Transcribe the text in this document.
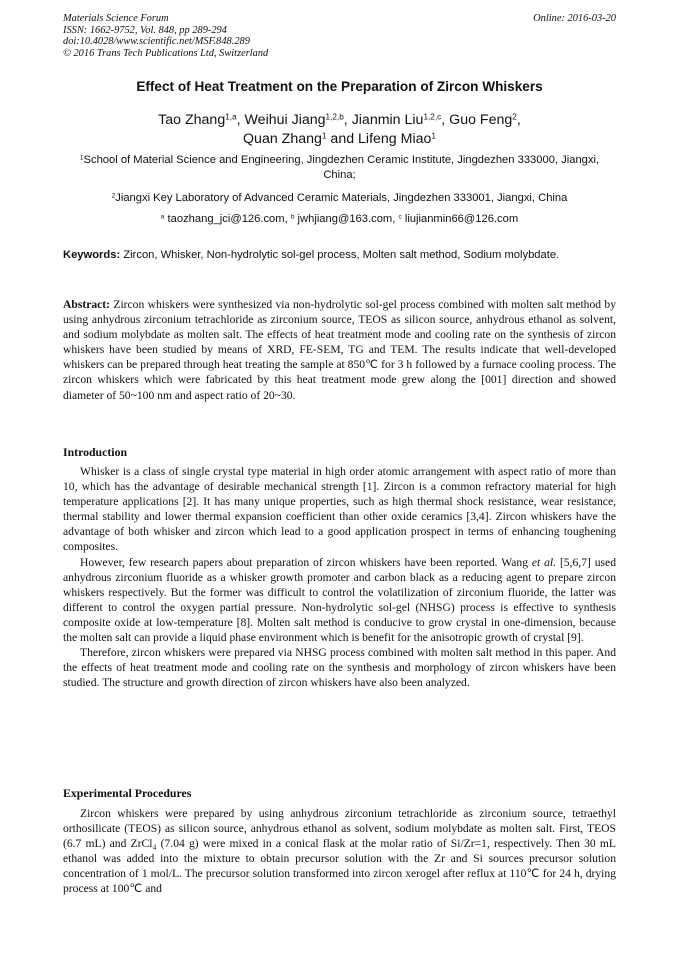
Materials Science Forum
ISSN: 1662-9752, Vol. 848, pp 289-294
doi:10.4028/www.scientific.net/MSF.848.289
© 2016 Trans Tech Publications Ltd, Switzerland
Online: 2016-03-20
Effect of Heat Treatment on the Preparation of Zircon Whiskers
Tao Zhang$^{1,a}$, Weihui Jiang$^{1,2,b}$, Jianmin Liu$^{1,2,c}$, Guo Feng$^2$,
Quan Zhang$^1$ and Lifeng Miao$^1$
$^1$School of Material Science and Engineering, Jingdezhen Ceramic Institute, Jingdezhen 333000, Jiangxi, China;
$^2$Jiangxi Key Laboratory of Advanced Ceramic Materials, Jingdezhen 333001, Jiangxi, China
$^a$ taozhang_jci@126.com, $^b$ jwhjiang@163.com, $^c$ liujianmin66@126.com
Keywords: Zircon, Whisker, Non-hydrolytic sol-gel process, Molten salt method, Sodium molybdate.
Abstract: Zircon whiskers were synthesized via non-hydrolytic sol-gel process combined with molten salt method by using anhydrous zirconium tetrachloride as zirconium source, TEOS as silicon source, anhydrous ethanol as solvent, and sodium molybdate as molten salt. The effects of heat treatment mode and cooling rate on the synthesis of zircon whiskers have been studied by means of XRD, FE-SEM, TG and TEM. The results indicate that well-developed whiskers can be prepared through heat treating the sample at 850℃ for 3 h followed by a furnace cooling process. The zircon whiskers which were fabricated by this heat treatment mode grew along the [001] direction and showed diameter of 50~100 nm and aspect ratio of 20~30.
Introduction

Whisker is a class of single crystal type material in high order atomic arrangement with aspect ratio of more than 10, which has the advantage of desirable mechanical strength [1]. Zircon is a common refractory material for high temperature applications [2]. It has many unique properties, such as high thermal shock resistance, wear resistance, thermal stability and lower thermal expansion coefficient than other oxide ceramics [3,4]. Zircon whiskers have the advantage of both whisker and zircon which lead to a good application prospect in terms of enhancing toughening composites.

However, few research papers about preparation of zircon whiskers have been reported. Wang et al. [5,6,7] used anhydrous zirconium fluoride as a whisker growth promoter and carbon black as a reducing agent to prepare zircon whiskers respectively. But the former was difficult to control the volatilization of zirconium fluoride, the latter was different to control the oxygen partial pressure. Non-hydrolytic sol-gel (NHSG) process is effective to synthesis composite oxide at low-temperature [8]. Molten salt method is conducive to grow crystal in one-dimension, because the molten salt can provide a liquid phase environment which is benefit for the anisotropic growth of crystal [9].

Therefore, zircon whiskers were prepared via NHSG process combined with molten salt method in this paper. And the effects of heat treatment mode and cooling rate on the synthesis and morphology of zircon whiskers have been studied. The structure and growth direction of zircon whiskers have also been analyzed.

Experimental Procedures

Zircon whiskers were prepared by using anhydrous zirconium tetrachloride as zirconium source, tetraethyl orthosilicate (TEOS) as silicon source, anhydrous ethanol as solvent, sodium molybdate as molten salt. First, TEOS (6.7 mL) and ZrCl₄ (7.04 g) were mixed in a conical flask at the molar ratio of Si/Zr=1, respectively. Then 30 mL ethanol was added into the mixture to obtain precursor solution with the Zr and Si sources precursor solution concentration of 1 mol/L. The precursor solution transformed into zircon xerogel after reflux at 110℃ for 24 h, drying process at 100℃ and
